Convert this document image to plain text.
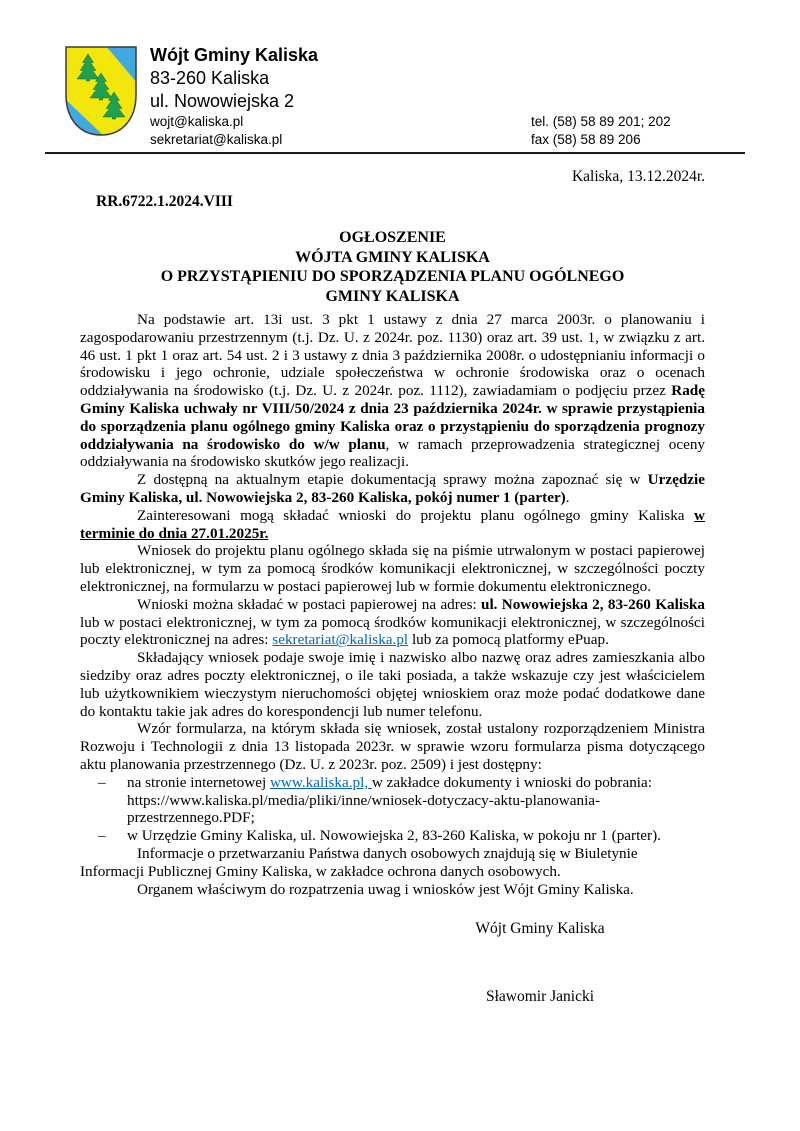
Wójt Gminy Kaliska
83-260 Kaliska
ul. Nowowiejska 2
wojt@kaliska.pl
sekretariat@kaliska.pl
tel. (58) 58 89 201; 202
fax (58) 58 89 206
Kaliska, 13.12.2024r.
RR.6722.1.2024.VIII
OGŁOSZENIE
WÓJTA GMINY KALISKA
O PRZYSTĄPIENIU DO SPORZĄDZENIA PLANU OGÓLNEGO
GMINY KALISKA

Na podstawie art. 13i ust. 3 pkt 1 ustawy z dnia 27 marca 2003r. o planowaniu i zagospodarowaniu przestrzennym (t.j. Dz. U. z 2024r. poz. 1130) oraz art. 39 ust. 1, w związku z art. 46 ust. 1 pkt 1 oraz art. 54 ust. 2 i 3 ustawy z dnia 3 października 2008r. o udostępnianiu informacji o środowisku i jego ochronie, udziale społeczeństwa w ochronie środowiska oraz o ocenach oddziaływania na środowisko (t.j. Dz. U. z 2024r. poz. 1112), zawiadamiam o podjęciu przez Radę Gminy Kaliska uchwały nr VIII/50/2024 z dnia 23 października 2024r. w sprawie przystąpienia do sporządzenia planu ogólnego gminy Kaliska oraz o przystąpieniu do sporządzenia prognozy oddziaływania na środowisko do w/w planu, w ramach przeprowadzenia strategicznej oceny oddziaływania na środowisko skutków jego realizacji.

Z dostępną na aktualnym etapie dokumentacją sprawy można zapoznać się w Urzędzie Gminy Kaliska, ul. Nowowiejska 2, 83-260 Kaliska, pokój numer 1 (parter).

Zainteresowani mogą składać wnioski do projektu planu ogólnego gminy Kaliska w terminie do dnia 27.01.2025r.

Wniosek do projektu planu ogólnego składa się na piśmie utrwalonym w postaci papierowej lub elektronicznej, w tym za pomocą środków komunikacji elektronicznej, w szczególności poczty elektronicznej, na formularzu w postaci papierowej lub w formie dokumentu elektronicznego.

Wnioski można składać w postaci papierowej na adres: ul. Nowowiejska 2, 83-260 Kaliska lub w postaci elektronicznej, w tym za pomocą środków komunikacji elektronicznej, w szczególności poczty elektronicznej na adres: sekretariat@kaliska.pl lub za pomocą platformy ePuap.

Składający wniosek podaje swoje imię i nazwisko albo nazwę oraz adres zamieszkania albo siedziby oraz adres poczty elektronicznej, o ile taki posiada, a także wskazuje czy jest właścicielem lub użytkownikiem wieczystym nieruchomości objętej wnioskiem oraz może podać dodatkowe dane do kontaktu takie jak adres do korespondencji lub numer telefonu.

Wzór formularza, na którym składa się wniosek, został ustalony rozporządzeniem Ministra Rozwoju i Technologii z dnia 13 listopada 2023r. w sprawie wzoru formularza pisma dotyczącego aktu planowania przestrzennego (Dz. U. z 2023r. poz. 2509) i jest dostępny:

–	na stronie internetowej www.kaliska.pl, w zakładce dokumenty i wnioski do pobrania: https://www.kaliska.pl/media/pliki/inne/wniosek-dotyczacy-aktu-planowania-przestrzennego.PDF;
–	w Urzędzie Gminy Kaliska, ul. Nowowiejska 2, 83-260 Kaliska, w pokoju nr 1 (parter).

Informacje o przetwarzaniu Państwa danych osobowych znajdują się w Biuletynie Informacji Publicznej Gminy Kaliska, w zakładce ochrona danych osobowych.

Organem właściwym do rozpatrzenia uwag i wniosków jest Wójt Gminy Kaliska.

Wójt Gminy Kaliska
Sławomir Janicki
